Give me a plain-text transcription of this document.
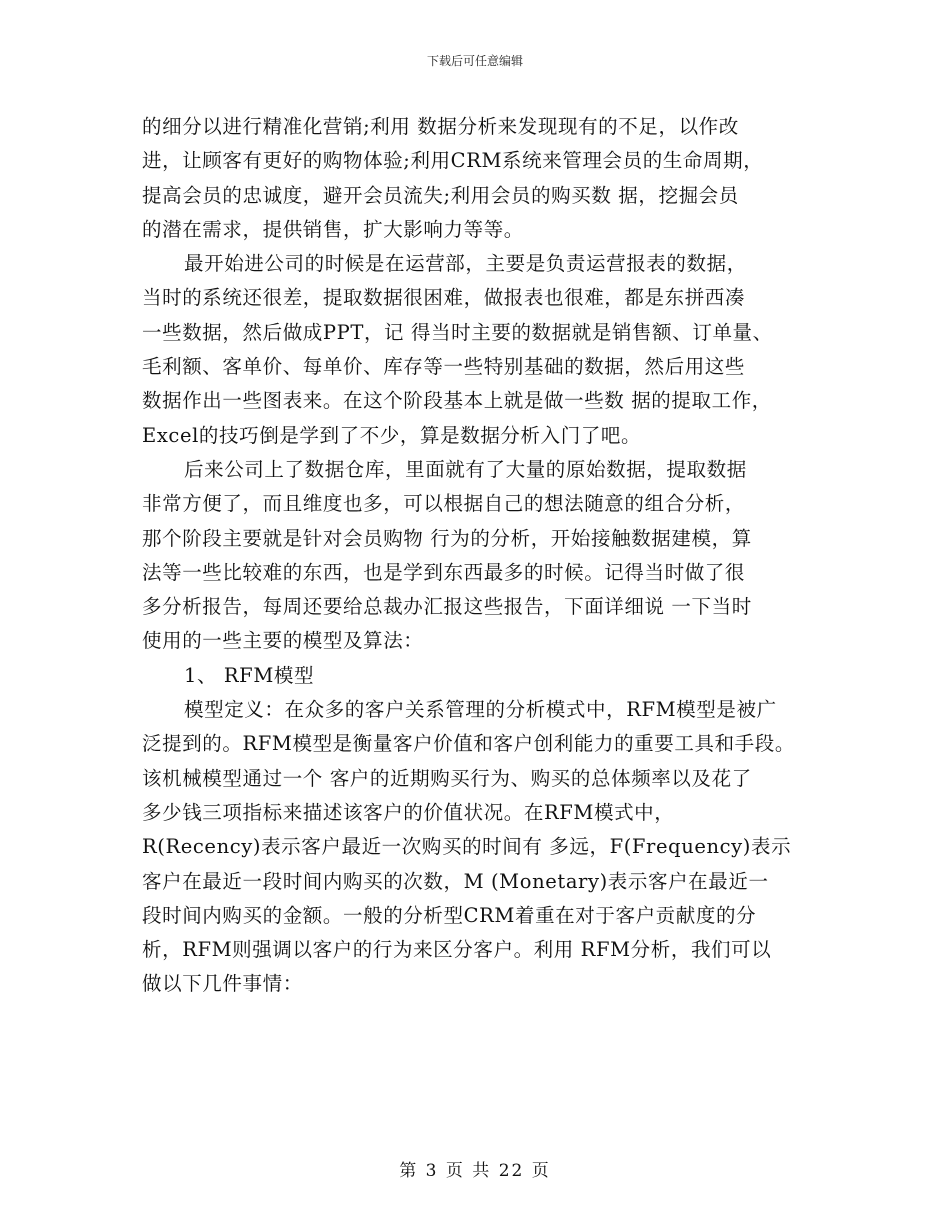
下载后可任意编辑
的细分以进行精准化营销;利用 数据分析来发现现有的不足，以作改
进，让顾客有更好的购物体验;利用CRM系统来管理会员的生命周期，
提高会员的忠诚度，避开会员流失;利用会员的购买数 据，挖掘会员
的潜在需求，提供销售，扩大影响力等等。
最开始进公司的时候是在运营部，主要是负责运营报表的数据，
当时的系统还很差，提取数据很困难，做报表也很难，都是东拼西凑
一些数据，然后做成PPT，记 得当时主要的数据就是销售额、订单量、
毛利额、客单价、每单价、库存等一些特别基础的数据，然后用这些
数据作出一些图表来。在这个阶段基本上就是做一些数 据的提取工作，
Excel的技巧倒是学到了不少，算是数据分析入门了吧。
后来公司上了数据仓库，里面就有了大量的原始数据，提取数据
非常方便了，而且维度也多，可以根据自己的想法随意的组合分析，
那个阶段主要就是针对会员购物 行为的分析，开始接触数据建模，算
法等一些比较难的东西，也是学到东西最多的时候。记得当时做了很
多分析报告，每周还要给总裁办汇报这些报告，下面详细说 一下当时
使用的一些主要的模型及算法：
1、 RFM模型
模型定义：在众多的客户关系管理的分析模式中，RFM模型是被广
泛提到的。RFM模型是衡量客户价值和客户创利能力的重要工具和手段。
该机械模型通过一个 客户的近期购买行为、购买的总体频率以及花了
多少钱三项指标来描述该客户的价值状况。在RFM模式中，
R(Recency)表示客户最近一次购买的时间有 多远，F(Frequency)表示
客户在最近一段时间内购买的次数，M (Monetary)表示客户在最近一
段时间内购买的金额。一般的分析型CRM着重在对于客户贡献度的分
析，RFM则强调以客户的行为来区分客户。利用 RFM分析，我们可以
做以下几件事情：
第 3 页 共 22 页
